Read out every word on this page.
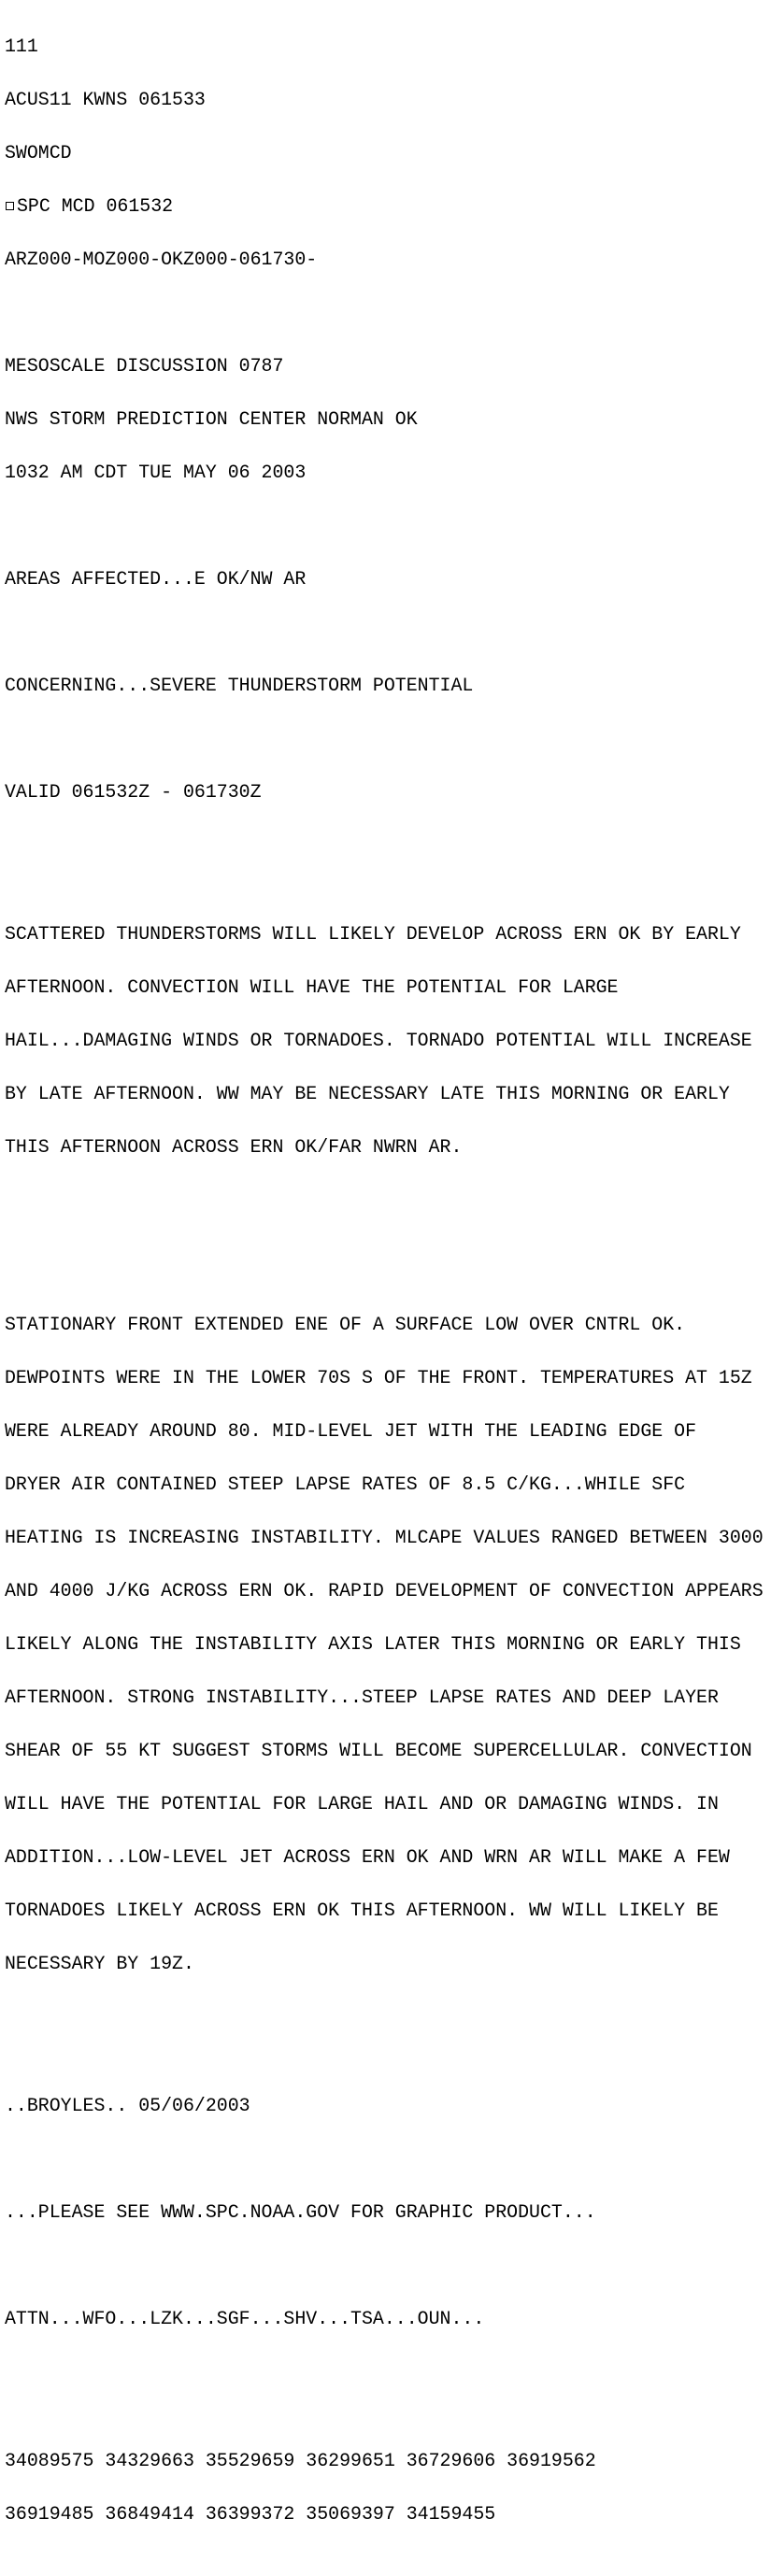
111

ACUS11 KWNS 061533

SWOMCD

SPC MCD 061532

ARZ000-MOZ000-OKZ000-061730-

MESOSCALE DISCUSSION 0787

NWS STORM PREDICTION CENTER NORMAN OK

1032 AM CDT TUE MAY 06 2003

AREAS AFFECTED...E OK/NW AR

CONCERNING...SEVERE THUNDERSTORM POTENTIAL

VALID 061532Z - 061730Z

SCATTERED THUNDERSTORMS WILL LIKELY DEVELOP ACROSS ERN OK BY EARLY

AFTERNOON. CONVECTION WILL HAVE THE POTENTIAL FOR LARGE

HAIL...DAMAGING WINDS OR TORNADOES. TORNADO POTENTIAL WILL INCREASE

BY LATE AFTERNOON. WW MAY BE NECESSARY LATE THIS MORNING OR EARLY

THIS AFTERNOON ACROSS ERN OK/FAR NWRN AR.

STATIONARY FRONT EXTENDED ENE OF A SURFACE LOW OVER CNTRL OK.

DEWPOINTS WERE IN THE LOWER 70S S OF THE FRONT. TEMPERATURES AT 15Z

WERE ALREADY AROUND 80. MID-LEVEL JET WITH THE LEADING EDGE OF

DRYER AIR CONTAINED STEEP LAPSE RATES OF 8.5 C/KG...WHILE SFC

HEATING IS INCREASING INSTABILITY. MLCAPE VALUES RANGED BETWEEN 3000

AND 4000 J/KG ACROSS ERN OK. RAPID DEVELOPMENT OF CONVECTION APPEARS

LIKELY ALONG THE INSTABILITY AXIS LATER THIS MORNING OR EARLY THIS

AFTERNOON. STRONG INSTABILITY...STEEP LAPSE RATES AND DEEP LAYER

SHEAR OF 55 KT SUGGEST STORMS WILL BECOME SUPERCELLULAR. CONVECTION

WILL HAVE THE POTENTIAL FOR LARGE HAIL AND OR DAMAGING WINDS. IN

ADDITION...LOW-LEVEL JET ACROSS ERN OK AND WRN AR WILL MAKE A FEW

TORNADOES LIKELY ACROSS ERN OK THIS AFTERNOON. WW WILL LIKELY BE

NECESSARY BY 19Z.

..BROYLES.. 05/06/2003

...PLEASE SEE WWW.SPC.NOAA.GOV FOR GRAPHIC PRODUCT...

ATTN...WFO...LZK...SGF...SHV...TSA...OUN...

34089575 34329663 35529659 36299651 36729606 36919562

36919485 36849414 36399372 35069397 34159455
